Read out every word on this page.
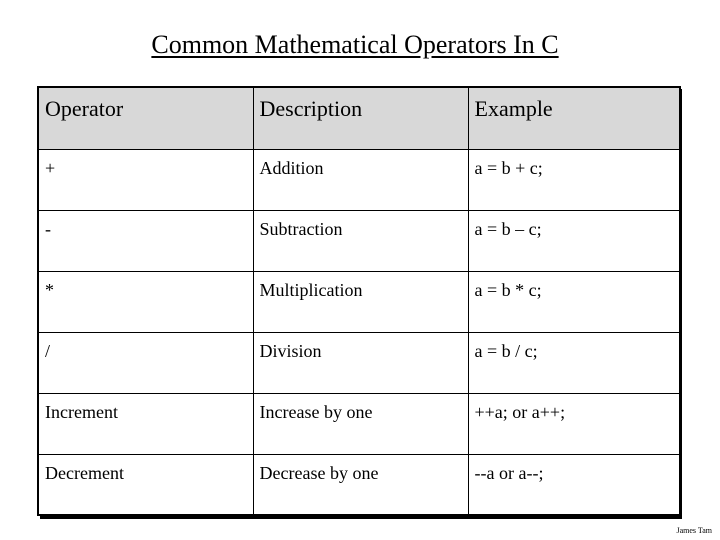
Common Mathematical Operators In C
Operator	Description	Example
+	Addition	a = b + c;
-	Subtraction	a = b – c;
*	Multiplication	a = b * c;
/	Division	a = b / c;
Increment	Increase by one	++a; or a++;
Decrement	Decrease by one	--a or a--;
James Tam
